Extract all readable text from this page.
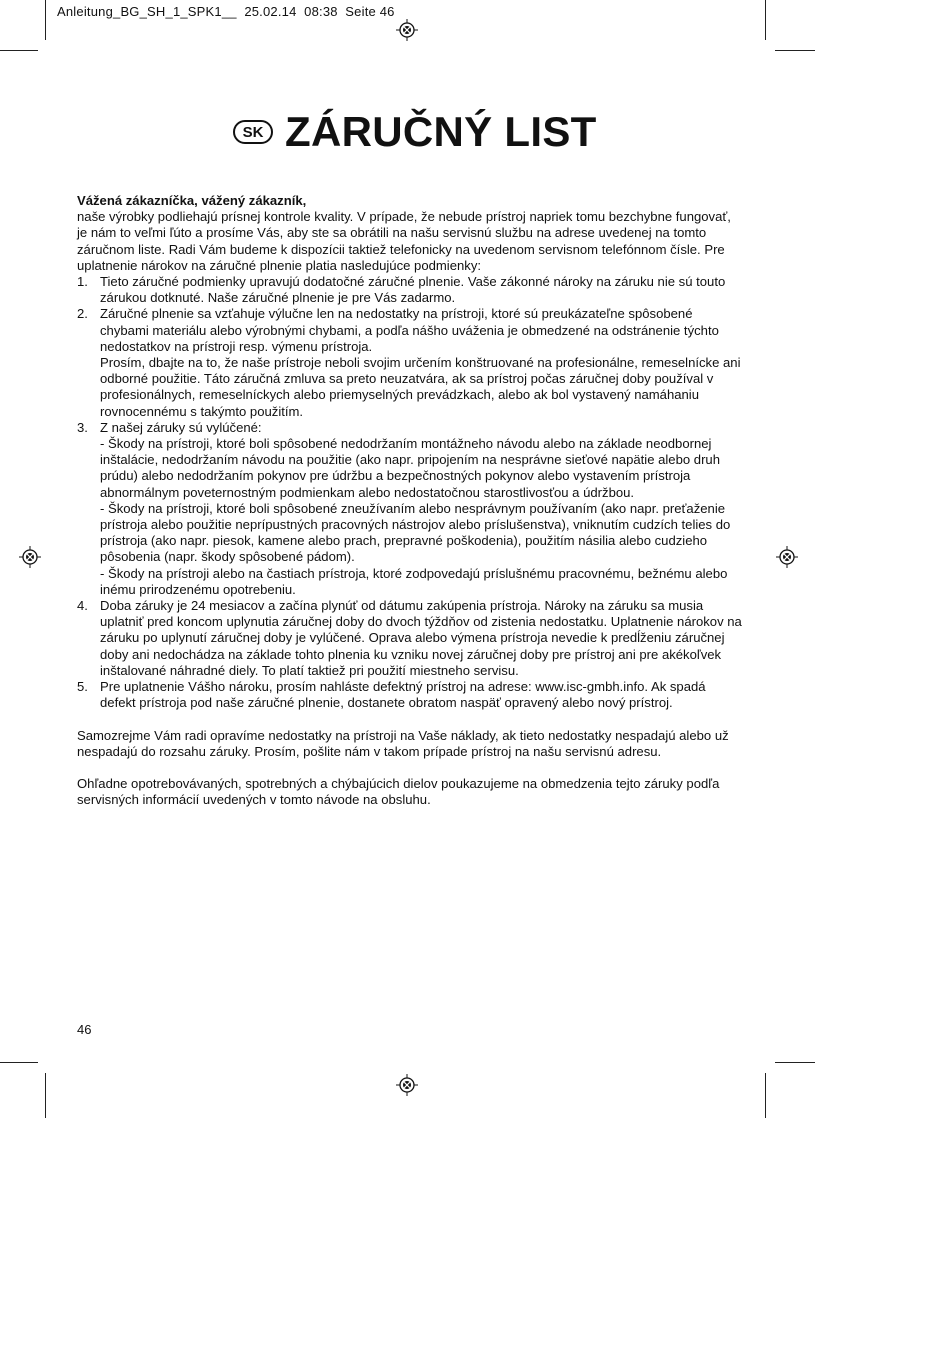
Anleitung_BG_SH_1_SPK1__  25.02.14  08:38  Seite 46
SK ZÁRUČNÝ LIST

Vážená zákazníčka, vážený zákazník,

naše výrobky podliehajú prísnej kontrole kvality. V prípade, že nebude prístroj napriek tomu bezchybne fungovať, je nám to veľmi ľúto a prosíme Vás, aby ste sa obrátili na našu servisnú službu na adrese uvedenej na tomto záručnom liste. Radi Vám budeme k dispozícii taktiež telefonicky na uvedenom servisnom telefónnom čísle. Pre uplatnenie nárokov na záručné plnenie platia nasledujúce podmienky:

1. Tieto záručné podmienky upravujú dodatočné záručné plnenie. Vaše zákonné nároky na záruku nie sú touto zárukou dotknuté. Naše záručné plnenie je pre Vás zadarmo.

2. Záručné plnenie sa vzťahuje výlučne len na nedostatky na prístroji, ktoré sú preukázateľne spôsobené chybami materiálu alebo výrobnými chybami, a podľa nášho uváženia je obmedzené na odstránenie týchto nedostatkov na prístroji resp. výmenu prístroja.

Prosím, dbajte na to, že naše prístroje neboli svojim určením konštruované na profesionálne, remeselnícke ani odborné použitie. Táto záručná zmluva sa preto neuzatvára, ak sa prístroj počas záručnej doby používal v profesionálnych, remeselníckych alebo priemyselných prevádzkach, alebo ak bol vystavený namáhaniu rovnocennému s takýmto použitím.

3. Z našej záruky sú vylúčené:

- Škody na prístroji, ktoré boli spôsobené nedodržaním montážneho návodu alebo na základe neodbornej inštalácie, nedodržaním návodu na použitie (ako napr. pripojením na nesprávne sieťové napätie alebo druh prúdu) alebo nedodržaním pokynov pre údržbu a bezpečnostných pokynov alebo vystavením prístroja abnormálnym poveternostným podmienkam alebo nedostatočnou starostlivosťou a údržbou.

- Škody na prístroji, ktoré boli spôsobené zneužívaním alebo nesprávnym používaním (ako napr. preťaženie prístroja alebo použitie neprípustných pracovných nástrojov alebo príslušenstva), vniknutím cudzích telies do prístroja (ako napr. piesok, kamene alebo prach, prepravné poškodenia), použitím násilia alebo cudzieho pôsobenia (napr. škody spôsobené pádom).

- Škody na prístroji alebo na častiach prístroja, ktoré zodpovedajú príslušnému pracovnému, bežnému alebo inému prirodzenému opotrebeniu.

4. Doba záruky je 24 mesiacov a začína plynúť od dátumu zakúpenia prístroja. Nároky na záruku sa musia uplatniť pred koncom uplynutia záručnej doby do dvoch týždňov od zistenia nedostatku. Uplatnenie nárokov na záruku po uplynutí záručnej doby je vylúčené. Oprava alebo výmena prístroja nevedie k predĺženiu záručnej doby ani nedochádza na základe tohto plnenia ku vzniku novej záručnej doby pre prístroj ani pre akékoľvek inštalované náhradné diely. To platí taktiež pri použití miestneho servisu.

5. Pre uplatnenie Vášho nároku, prosím nahláste defektný prístroj na adrese: www.isc-gmbh.info. Ak spadá defekt prístroja pod naše záručné plnenie, dostanete obratom naspäť opravený alebo nový prístroj.

Samozrejme Vám radi opravíme nedostatky na prístroji na Vaše náklady, ak tieto nedostatky nespadajú alebo už nespadajú do rozsahu záruky. Prosím, pošlite nám v takom prípade prístroj na našu servisnú adresu.

Ohľadne opotrebovávaných, spotrebných a chýbajúcich dielov poukazujeme na obmedzenia tejto záruky podľa servisných informácií uvedených v tomto návode na obsluhu.

46
